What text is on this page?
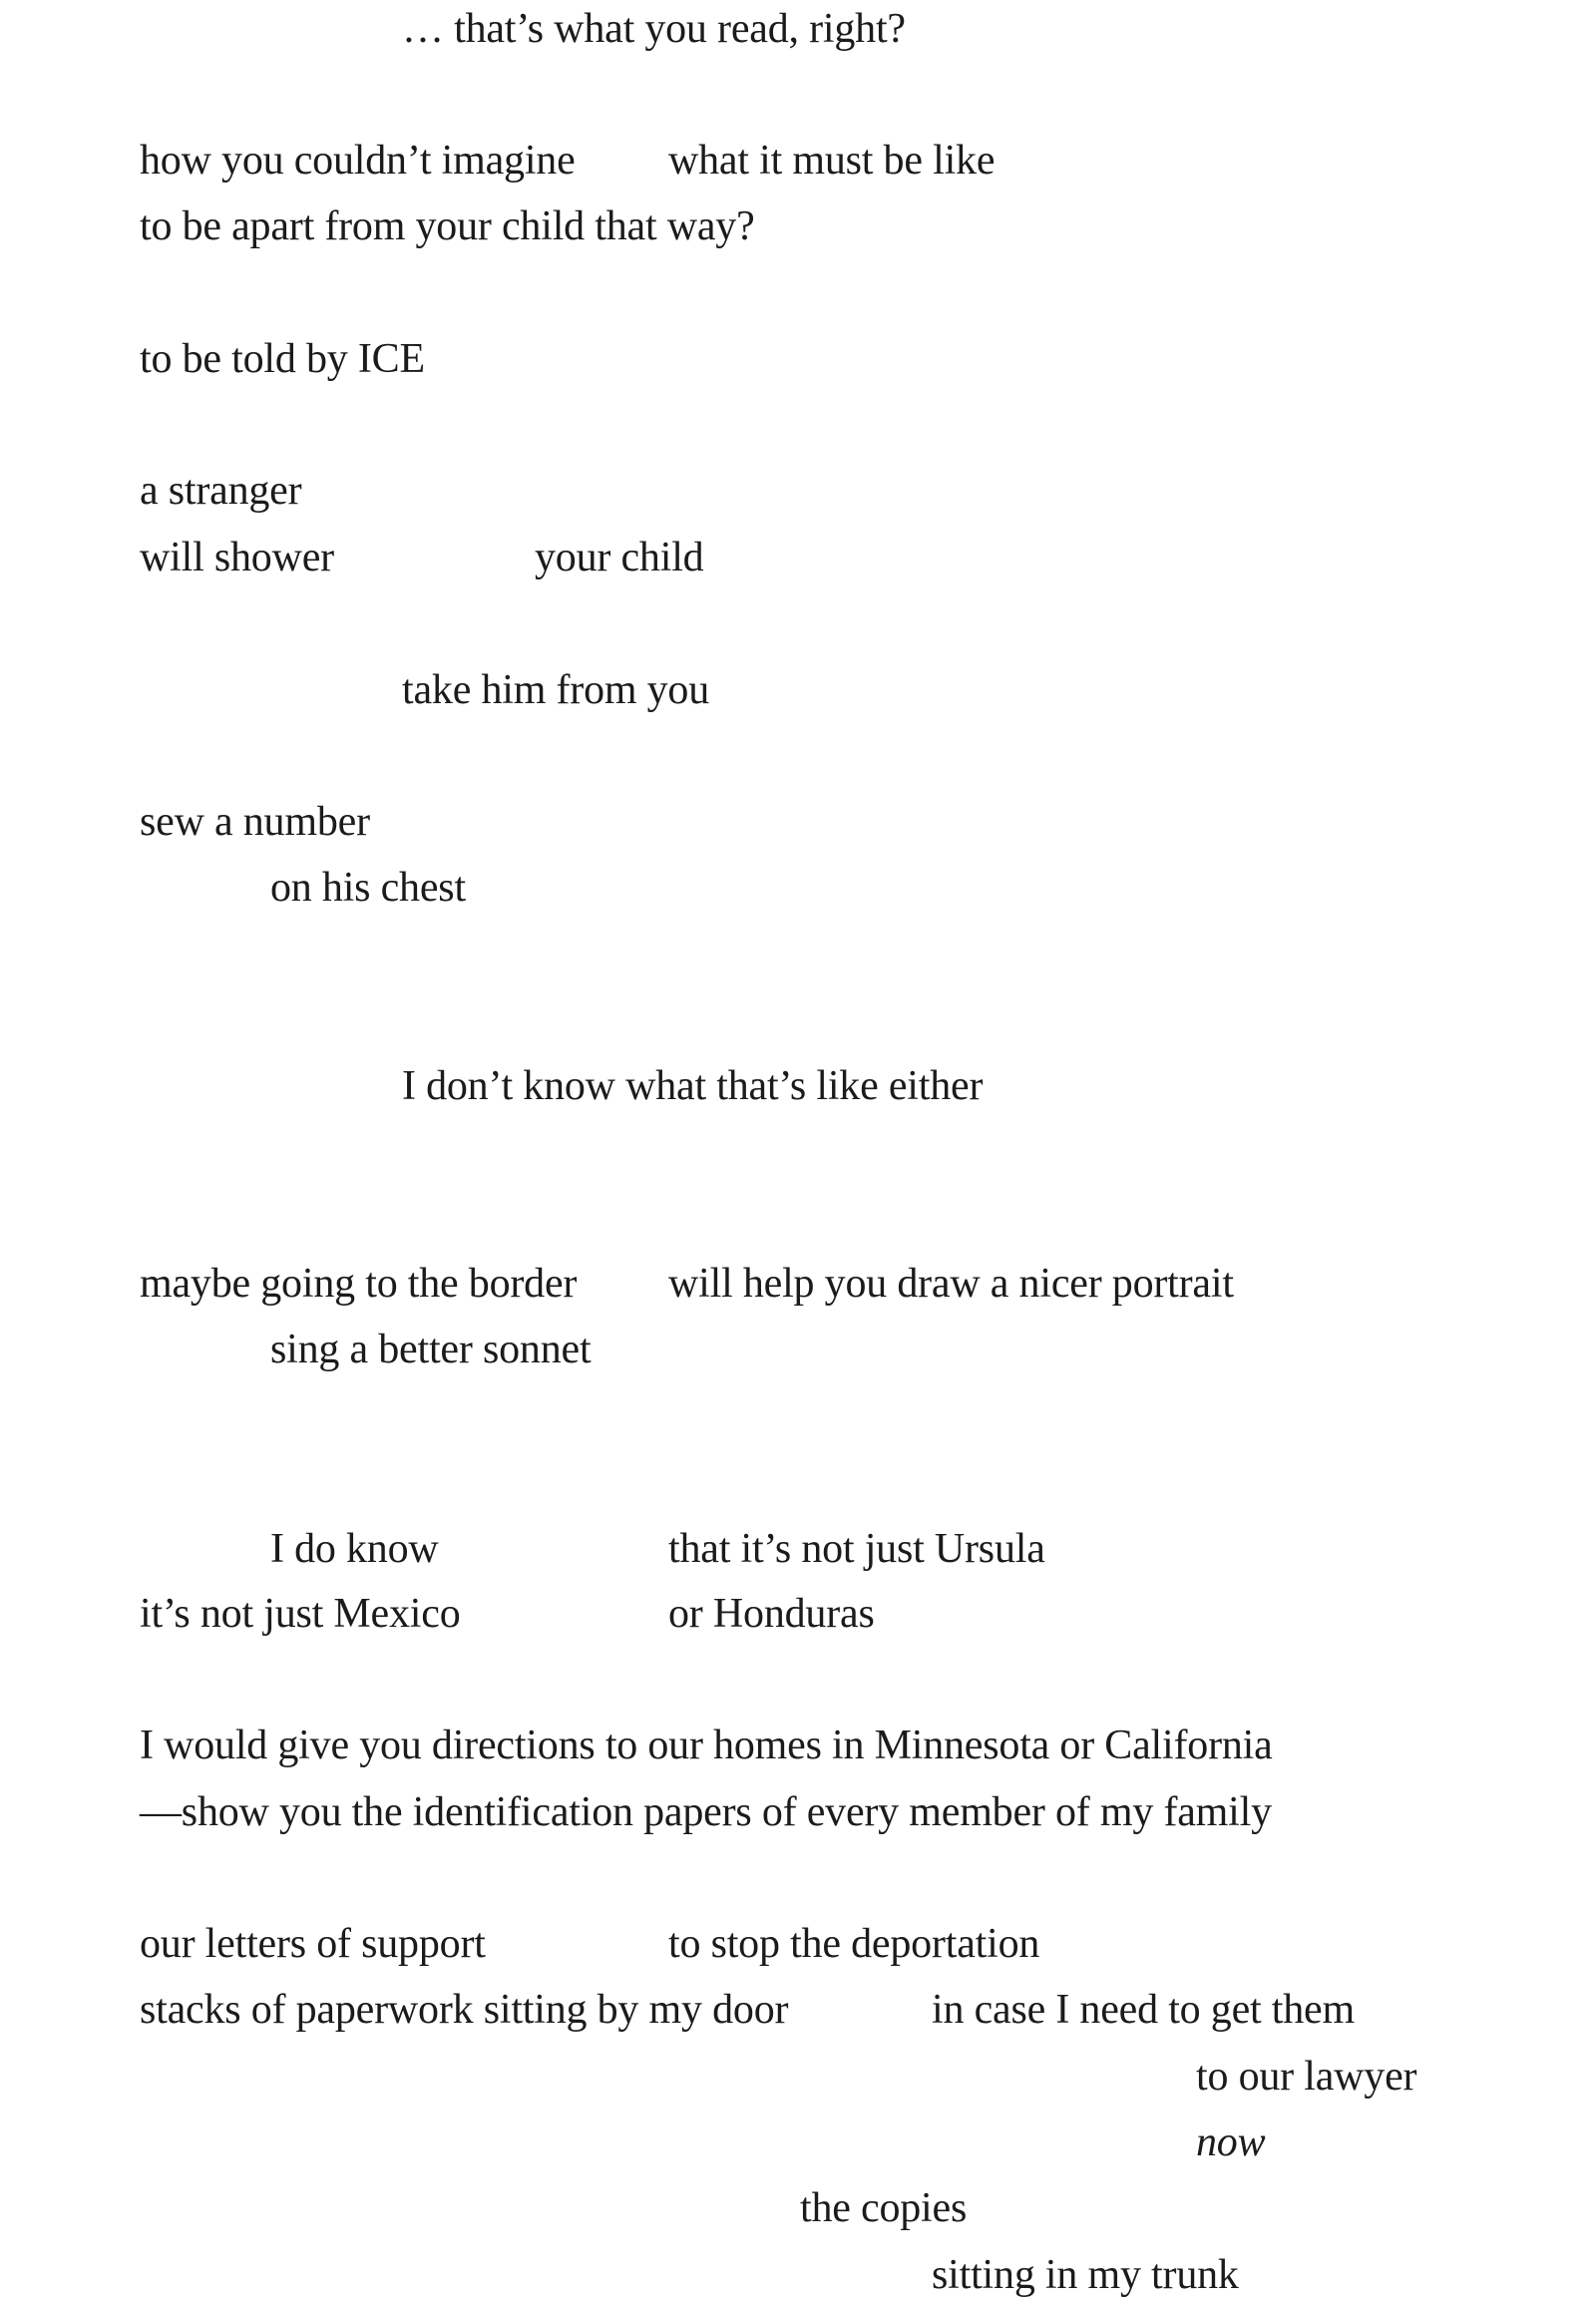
… that’s what you read, right?

how you couldn’t imagine what it must be like

to be apart from your child that way?

to be told by ICE

a stranger

will shower	your child

take him from you

sew a number

on his chest

I don’t know what that’s like either

maybe going to the border will help you draw a nicer portrait

sing a better sonnet

I do know	that it’s not just Ursula

it’s not just Mexico	or Honduras

I would give you directions to our homes in Minnesota or California

—show you the identification papers of every member of my family

our letters of support	to stop the deportation

stacks of paperwork sitting by my door	in case I need to get them

to our lawyer

now

the copies

sitting in my trunk
